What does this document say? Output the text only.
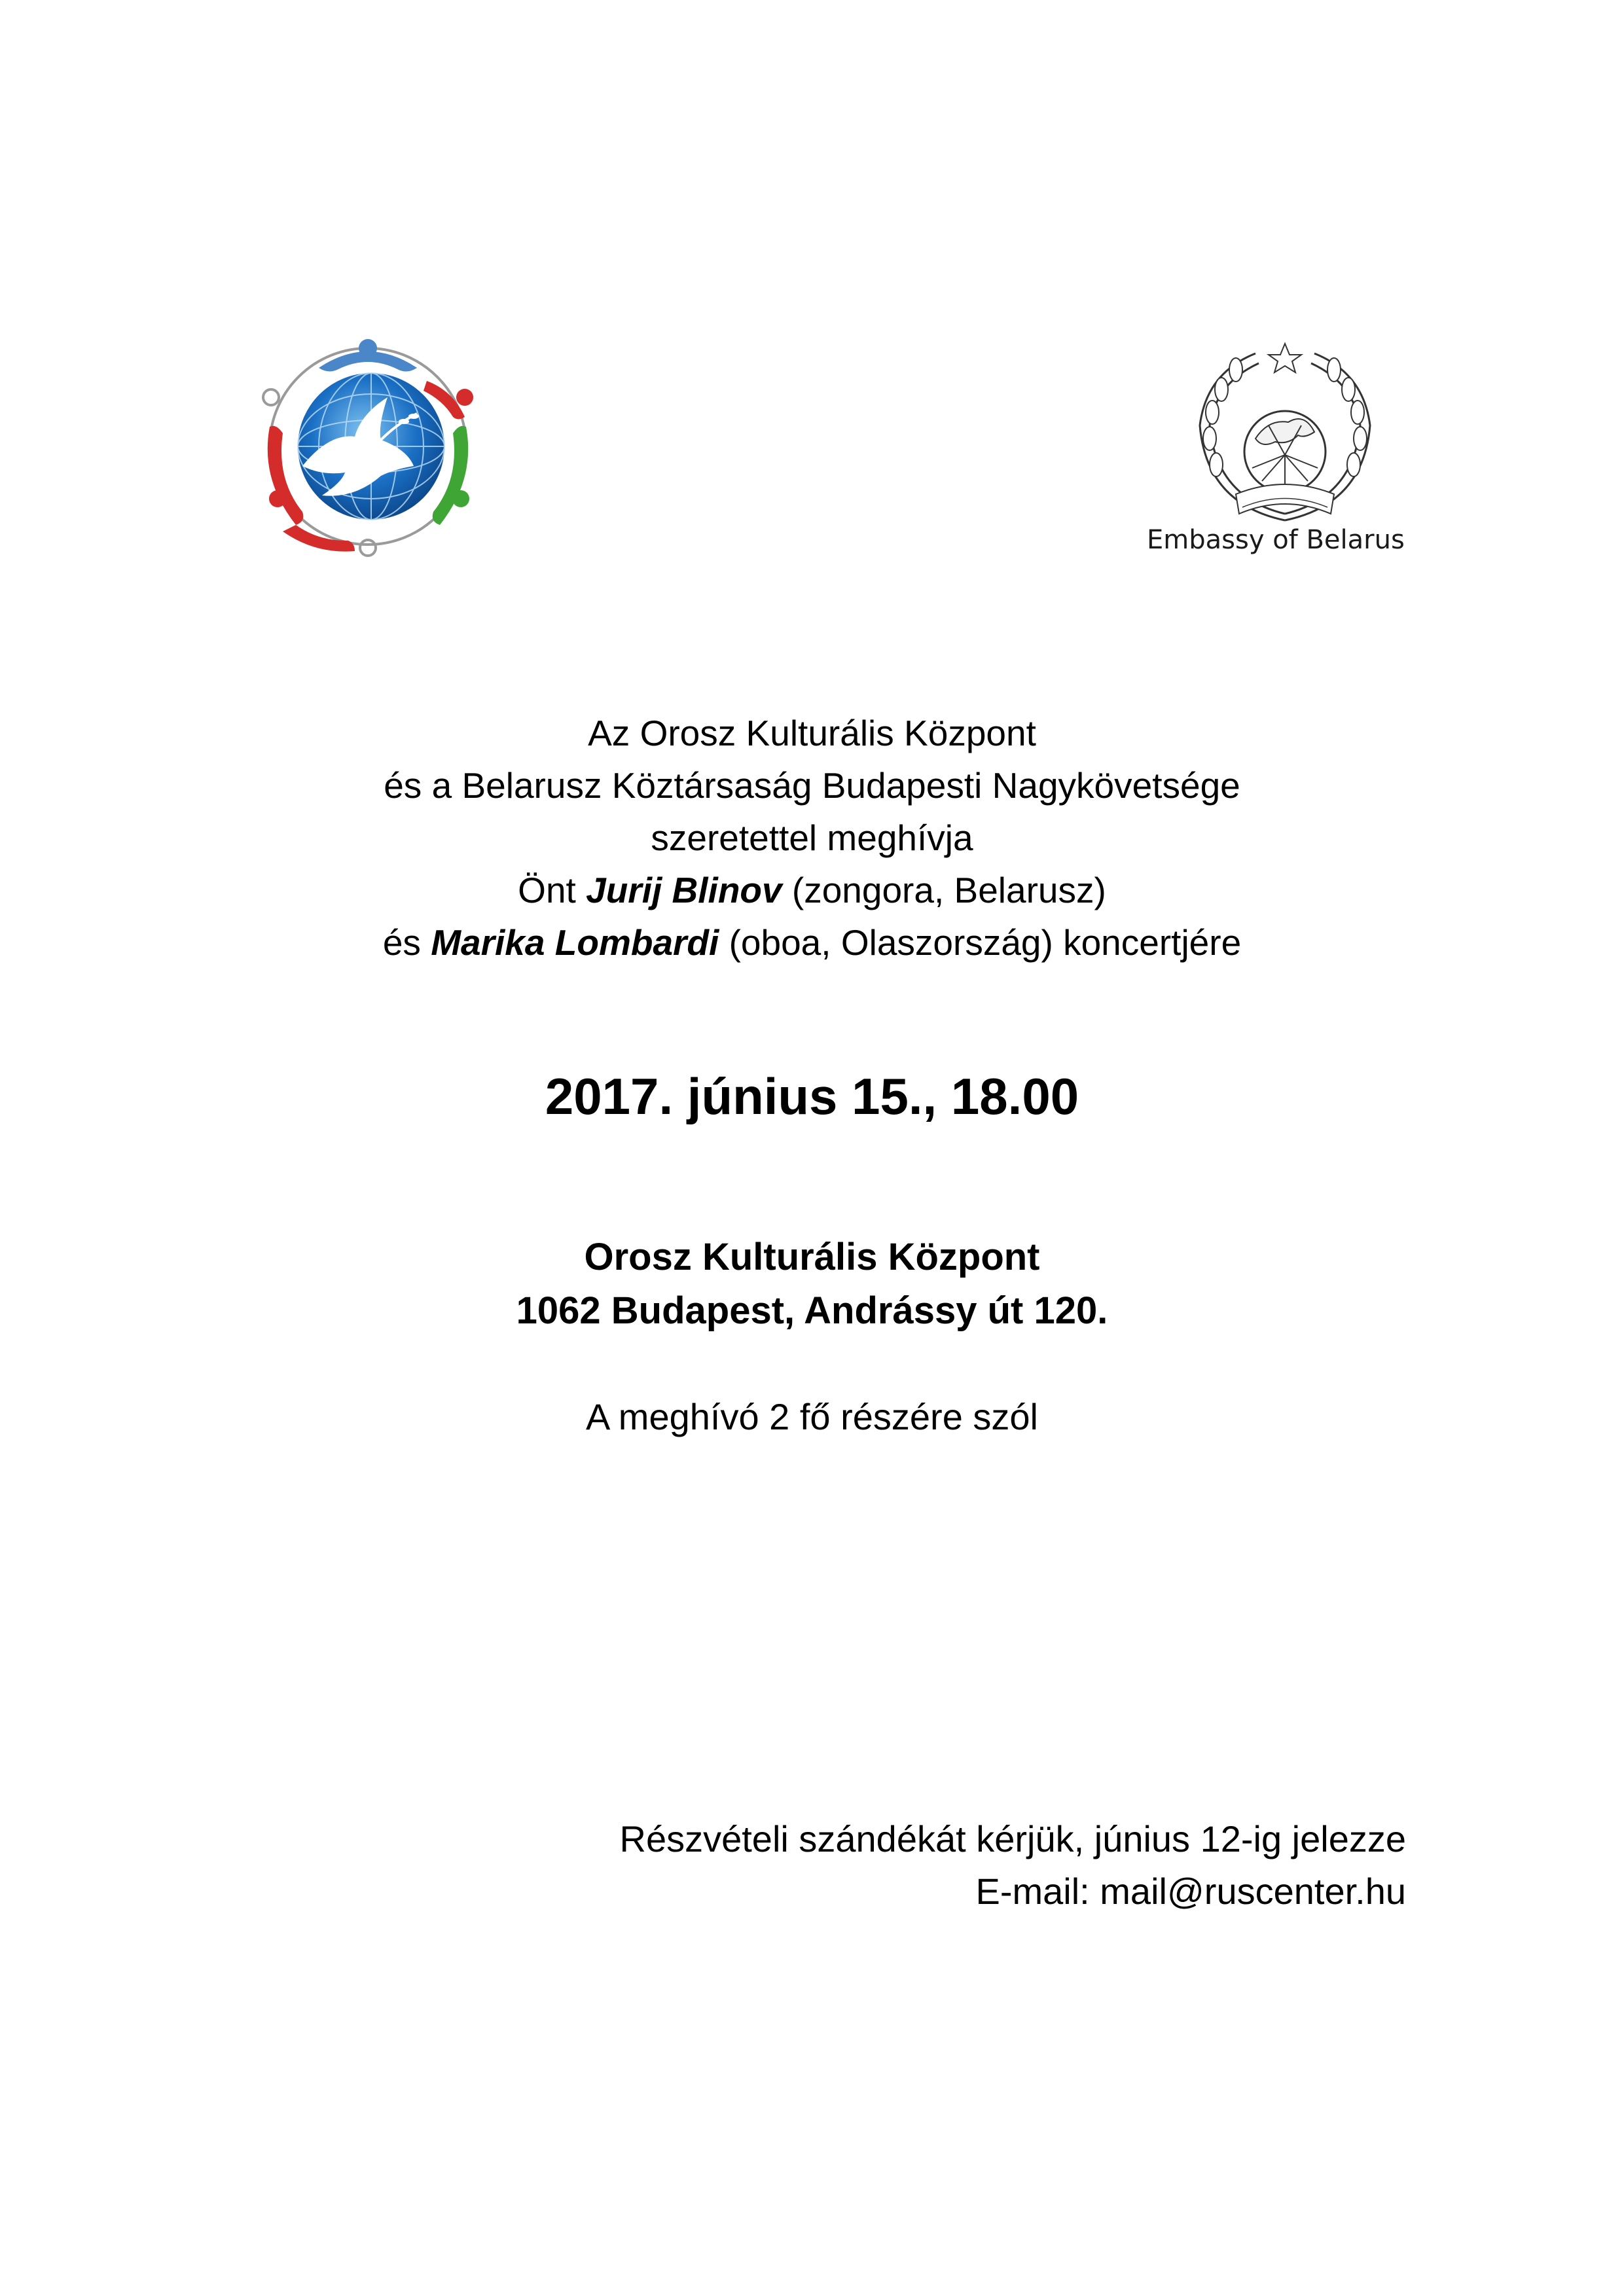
Embassy of Belarus
Az Orosz Kulturális Központ
és a Belarusz Köztársaság Budapesti Nagykövetsége
szeretettel meghívja
Önt Jurij Blinov (zongora, Belarusz)
és Marika Lombardi (oboa, Olaszország) koncertjére
2017. június 15., 18.00
Orosz Kulturális Központ
1062 Budapest, Andrássy út 120.
A meghívó 2 fő részére szól
Részvételi szándékát kérjük, június 12-ig jelezze
E-mail: mail@ruscenter.hu
